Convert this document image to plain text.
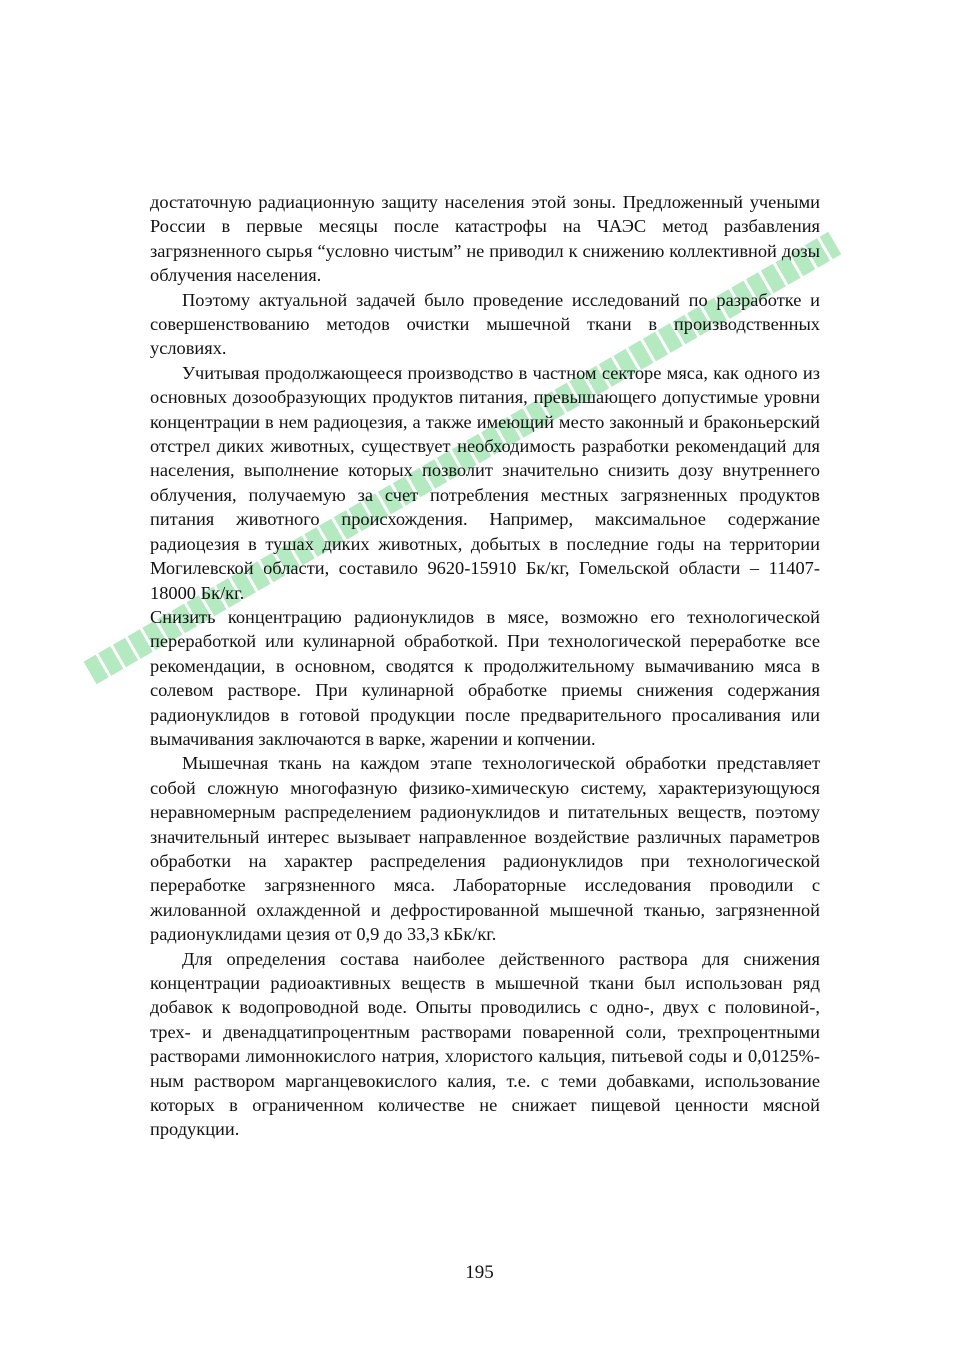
достаточную радиационную защиту населения этой зоны. Предложенный учеными России в первые месяцы после катастрофы на ЧАЭС метод разбавления загрязненного сырья “условно чистым” не приводил к снижению коллективной дозы облучения населения.

Поэтому актуальной задачей было проведение исследований по разработке и совершенствованию методов очистки мышечной ткани в производственных условиях.

Учитывая продолжающееся производство в частном секторе мяса, как одного из основных дозообразующих продуктов питания, превышающего допустимые уровни концентрации в нем радиоцезия, а также имеющий место законный и браконьерский отстрел диких животных, существует необходимость разработки рекомендаций для населения, выполнение которых позволит значительно снизить дозу внутреннего облучения, получаемую за счет потребления местных загрязненных продуктов питания животного происхождения. Например, максимальное содержание радиоцезия в тушах диких животных, добытых в последние годы на территории Могилевской области, составило 9620-15910 Бк/кг, Гомельской области – 11407-18000 Бк/кг.

Снизить концентрацию радионуклидов в мясе, возможно его технологической переработкой или кулинарной обработкой. При технологической переработке все рекомендации, в основном, сводятся к продолжительному вымачиванию мяса в солевом растворе. При кулинарной обработке приемы снижения содержания радионуклидов в готовой продукции после предварительного просаливания или вымачивания заключаются в варке, жарении и копчении.

Мышечная ткань на каждом этапе технологической обработки представляет собой сложную многофазную физико-химическую систему, характеризующуюся неравномерным распределением радионуклидов и питательных веществ, поэтому значительный интерес вызывает направленное воздействие различных параметров обработки на характер распределения радионуклидов при технологической переработке загрязненного мяса. Лабораторные исследования проводили с жилованной охлажденной и дефростированной мышечной тканью, загрязненной радионуклидами цезия от 0,9 до 33,3 кБк/кг.

Для определения состава наиболее действенного раствора для снижения концентрации радиоактивных веществ в мышечной ткани был использован ряд добавок к водопроводной воде. Опыты проводились с одно-, двух с половиной-, трех- и двенадцатипроцентным растворами поваренной соли, трехпроцентными растворами лимоннокислого натрия, хлористого кальция, питьевой соды и 0,0125%-ным раствором марганцевокислого калия, т.е. с теми добавками, использование которых в ограниченном количестве не снижает пищевой ценности мясной продукции.

195
